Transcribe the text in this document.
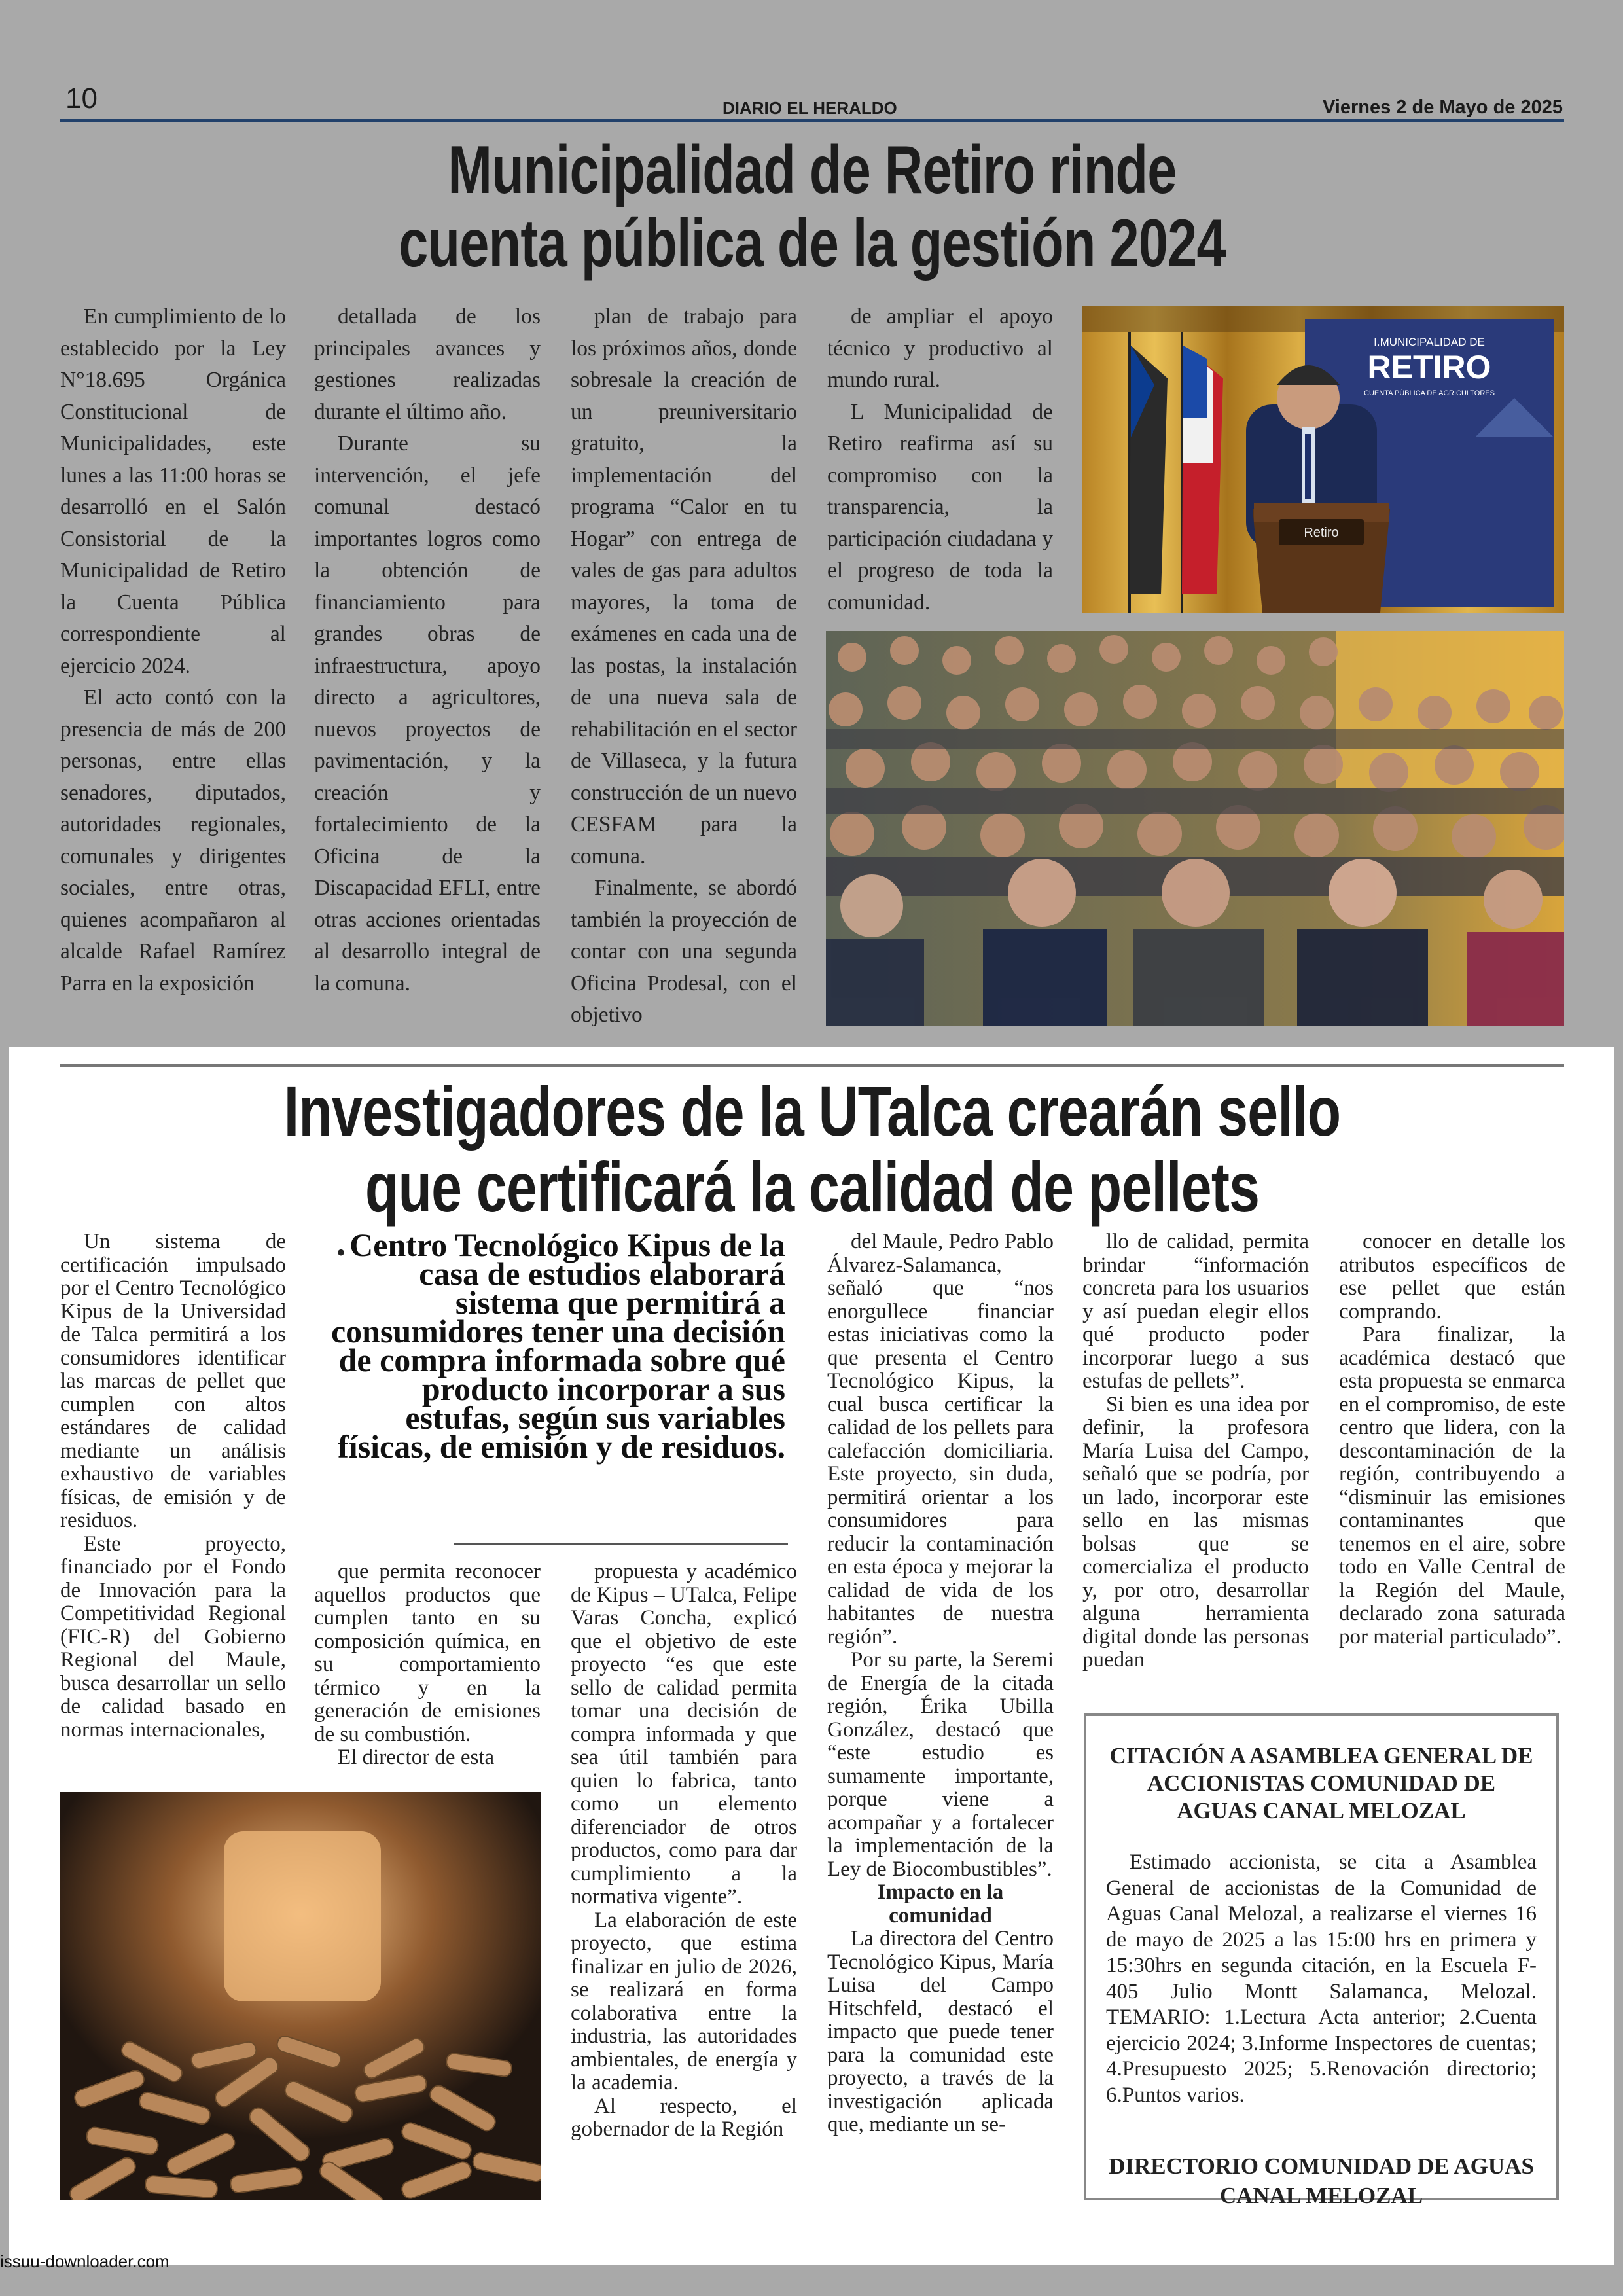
10	DIARIO EL HERALDO	Viernes 2 de Mayo de 2025
Municipalidad de Retiro rinde
cuenta pública de la gestión 2024

En cumplimiento de lo establecido por la Ley N°18.695 Orgánica Constitucional de Municipalidades, este lunes a las 11:00 horas se desarrolló en el Salón Consistorial de la Municipalidad de Retiro la Cuenta Pública correspondiente al ejercicio 2024.

El acto contó con la presencia de más de 200 personas, entre ellas senadores, diputados, autoridades regionales, comunales y dirigentes sociales, entre otras, quienes acompañaron al alcalde Rafael Ramírez Parra en la exposición

detallada de los principales avances y gestiones realizadas durante el último año.

Durante su intervención, el jefe comunal destacó importantes logros como la obtención de financiamiento para grandes obras de infraestructura, apoyo directo a agricultores, nuevos proyectos de pavimentación, y la creación y fortalecimiento de la Oficina de la Discapacidad EFLI, entre otras acciones orientadas al desarrollo integral de la comuna.

plan de trabajo para los próximos años, donde sobresale la creación de un preuniversitario gratuito, la implementación del programa “Calor en tu Hogar” con entrega de vales de gas para adultos mayores, la toma de exámenes en cada una de las postas, la instalación de una nueva sala de rehabilitación en el sector de Villaseca, y la futura construcción de un nuevo CESFAM para la comuna.

Finalmente, se abordó también la proyección de contar con una segunda Oficina Prodesal, con el objetivo

de ampliar el apoyo técnico y productivo al mundo rural.

L Municipalidad de Retiro reafirma así su compromiso con la transparencia, la participación ciudadana y el progreso de toda la comunidad.

I.MUNICIPALIDAD DE
RETIRO
CUENTA PÚBLICA DE AGRICULTORES
Retiro
Investigadores de la UTalca crearán sello
que certificará la calidad de pellets

Un sistema de certificación impulsado por el Centro Tecnológico Kipus de la Universidad de Talca permitirá a los consumidores identificar las marcas de pellet que cumplen con altos estándares de calidad mediante un análisis exhaustivo de variables físicas, de emisión y de residuos.

Este proyecto, financiado por el Fondo de Innovación para la Competitividad Regional (FIC-R) del Gobierno Regional del Maule, busca desarrollar un sello de calidad basado en normas internacionales,

• Centro Tecnológico Kipus de la casa de estudios elaborará sistema que permitirá a consumidores tener una decisión de compra informada sobre qué producto incorporar a sus estufas, según sus variables físicas, de emisión y de residuos.

que permita reconocer aquellos productos que cumplen tanto en su composición química, en su comportamiento térmico y en la generación de emisiones de su combustión.

El director de esta

propuesta y académico de Kipus – UTalca, Felipe Varas Concha, explicó que el objetivo de este proyecto “es que este sello de calidad permita tomar una decisión de compra informada y que sea útil también para quien lo fabrica, tanto como un elemento diferenciador de otros productos, como para dar cumplimiento a la normativa vigente”.

La elaboración de este proyecto, que estima finalizar en julio de 2026, se realizará en forma colaborativa entre la industria, las autoridades ambientales, de energía y la academia.

Al respecto, el gobernador de la Región

del Maule, Pedro Pablo Álvarez-Salamanca, señaló que “nos enorgullece financiar estas iniciativas como la que presenta el Centro Tecnológico Kipus, la cual busca certificar la calidad de los pellets para calefacción domiciliaria. Este proyecto, sin duda, permitirá orientar a los consumidores para reducir la contaminación en esta época y mejorar la calidad de vida de los habitantes de nuestra región”.

Por su parte, la Seremi de Energía de la citada región, Érika Ubilla González, destacó que “este estudio es sumamente importante, porque viene a acompañar y a fortalecer la implementación de la Ley de Biocombustibles”.

Impacto en la comunidad

La directora del Centro Tecnológico Kipus, María Luisa del Campo Hitschfeld, destacó el impacto que puede tener para la comunidad este proyecto, a través de la investigación aplicada que, mediante un se-

llo de calidad, permita brindar “información concreta para los usuarios y así puedan elegir ellos qué producto poder incorporar luego a sus estufas de pellets”.

Si bien es una idea por definir, la profesora María Luisa del Campo, señaló que se podría, por un lado, incorporar este sello en las mismas bolsas que se comercializa el producto y, por otro, desarrollar alguna herramienta digital donde las personas puedan

conocer en detalle los atributos específicos de ese pellet que están comprando.

Para finalizar, la académica destacó que esta propuesta se enmarca en el compromiso, de este centro que lidera, con la descontaminación de la región, contribuyendo a “disminuir las emisiones contaminantes que tenemos en el aire, sobre todo en Valle Central de la Región del Maule, declarado zona saturada por material particulado”.

CITACIÓN A ASAMBLEA GENERAL DE ACCIONISTAS COMUNIDAD DE AGUAS CANAL MELOZAL
Estimado accionista, se cita a Asamblea General de accionistas de la Comunidad de Aguas Canal Melozal, a realizarse el viernes 16 de mayo de 2025 a las 15:00 hrs en primera y 15:30hrs en segunda citación, en la Escuela F-405 Julio Montt Salamanca, Melozal. TEMARIO: 1.Lectura Acta anterior; 2.Cuenta ejercicio 2024; 3.Informe Inspectores de cuentas; 4.Presupuesto 2025; 5.Renovación directorio; 6.Puntos varios.
DIRECTORIO COMUNIDAD DE AGUAS CANAL MELOZAL
issuu-downloader.com
